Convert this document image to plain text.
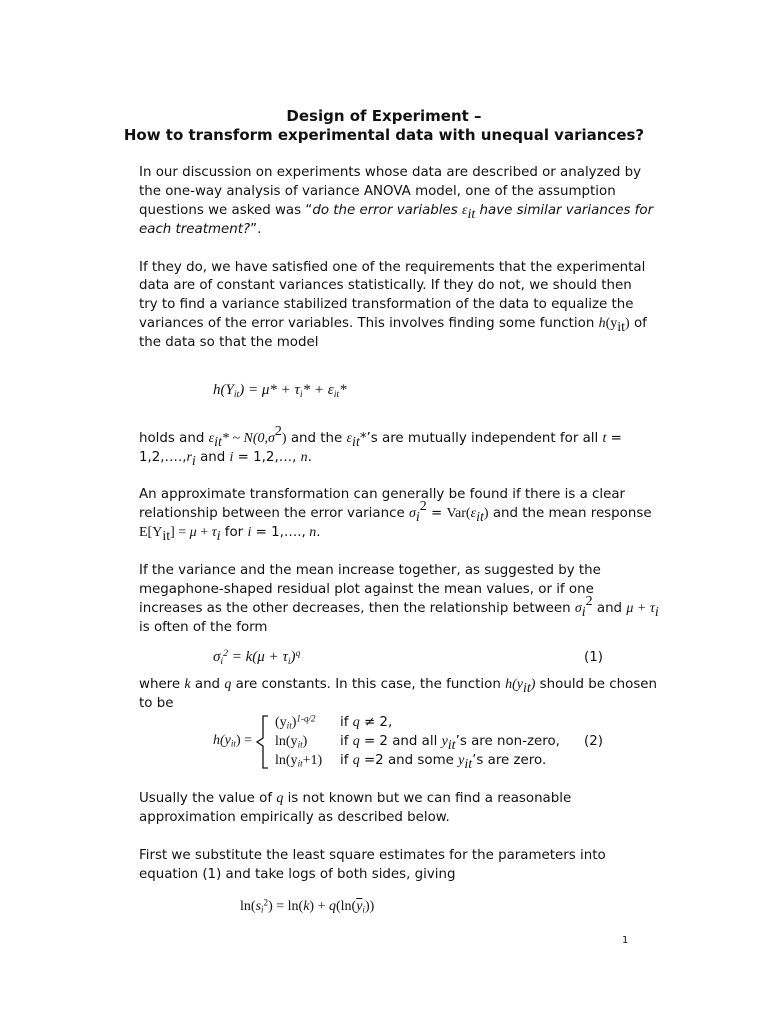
Design of Experiment –
How to transform experimental data with unequal variances?
In our discussion on experiments whose data are described or analyzed by
the one-way analysis of variance ANOVA model, one of the assumption
questions we asked was “do the error variables $\varepsilon_{it}$ have similar variances for
each treatment?”.
If they do, we have satisfied one of the requirements that the experimental
data are of constant variances statistically. If they do not, we should then
try to find a variance stabilized transformation of the data to equalize the
variances of the error variables. This involves finding some function $h(y_{it})$ of
the data so that the model
$h(Y_{it}) = \mu* + \tau_i* + \varepsilon_{it}*$
holds and $\varepsilon_{it}*$ ~ $N(0,\sigma^2)$ and the $\varepsilon_{it}*’s$ are mutually independent for all t =
$1,2,\dots.,r_i$ and i = 1,2,…, n.
An approximate transformation can generally be found if there is a clear
relationship between the error variance $\sigma_i^2 = Var(\varepsilon_{it})$ and the mean response
$E[Y_{it}] = \mu + \tau_i$ for i = 1,…., n.
If the variance and the mean increase together, as suggested by the
megaphone-shaped residual plot against the mean values, or if one
increases as the other decreases, then the relationship between $\sigma_i^2$ and $\mu + \tau_i$
is often of the form
$\sigma_i^2 = k(\mu + \tau_i)^q$	(1)
where k and q are constants. In this case, the function $h(y_{it})$ should be chosen
to be
$h(y_{it})$ =
$(y_{it})^{1-q/2}$
$\ln(y_{it})$
$\ln(y_{it}+1)$
if q ≠ 2,
if q = 2 and all $y_{it}’s$ are non-zero,
if q =2 and some $y_{it}’s$ are zero.
(2)
Usually the value of q is not known but we can find a reasonable
approximation empirically as described below.
First we substitute the least square estimates for the parameters into
equation (1) and take logs of both sides, giving
$\ln(s_i^2) = \ln(k) + q(\ln(\overline{y}_i))$
1
